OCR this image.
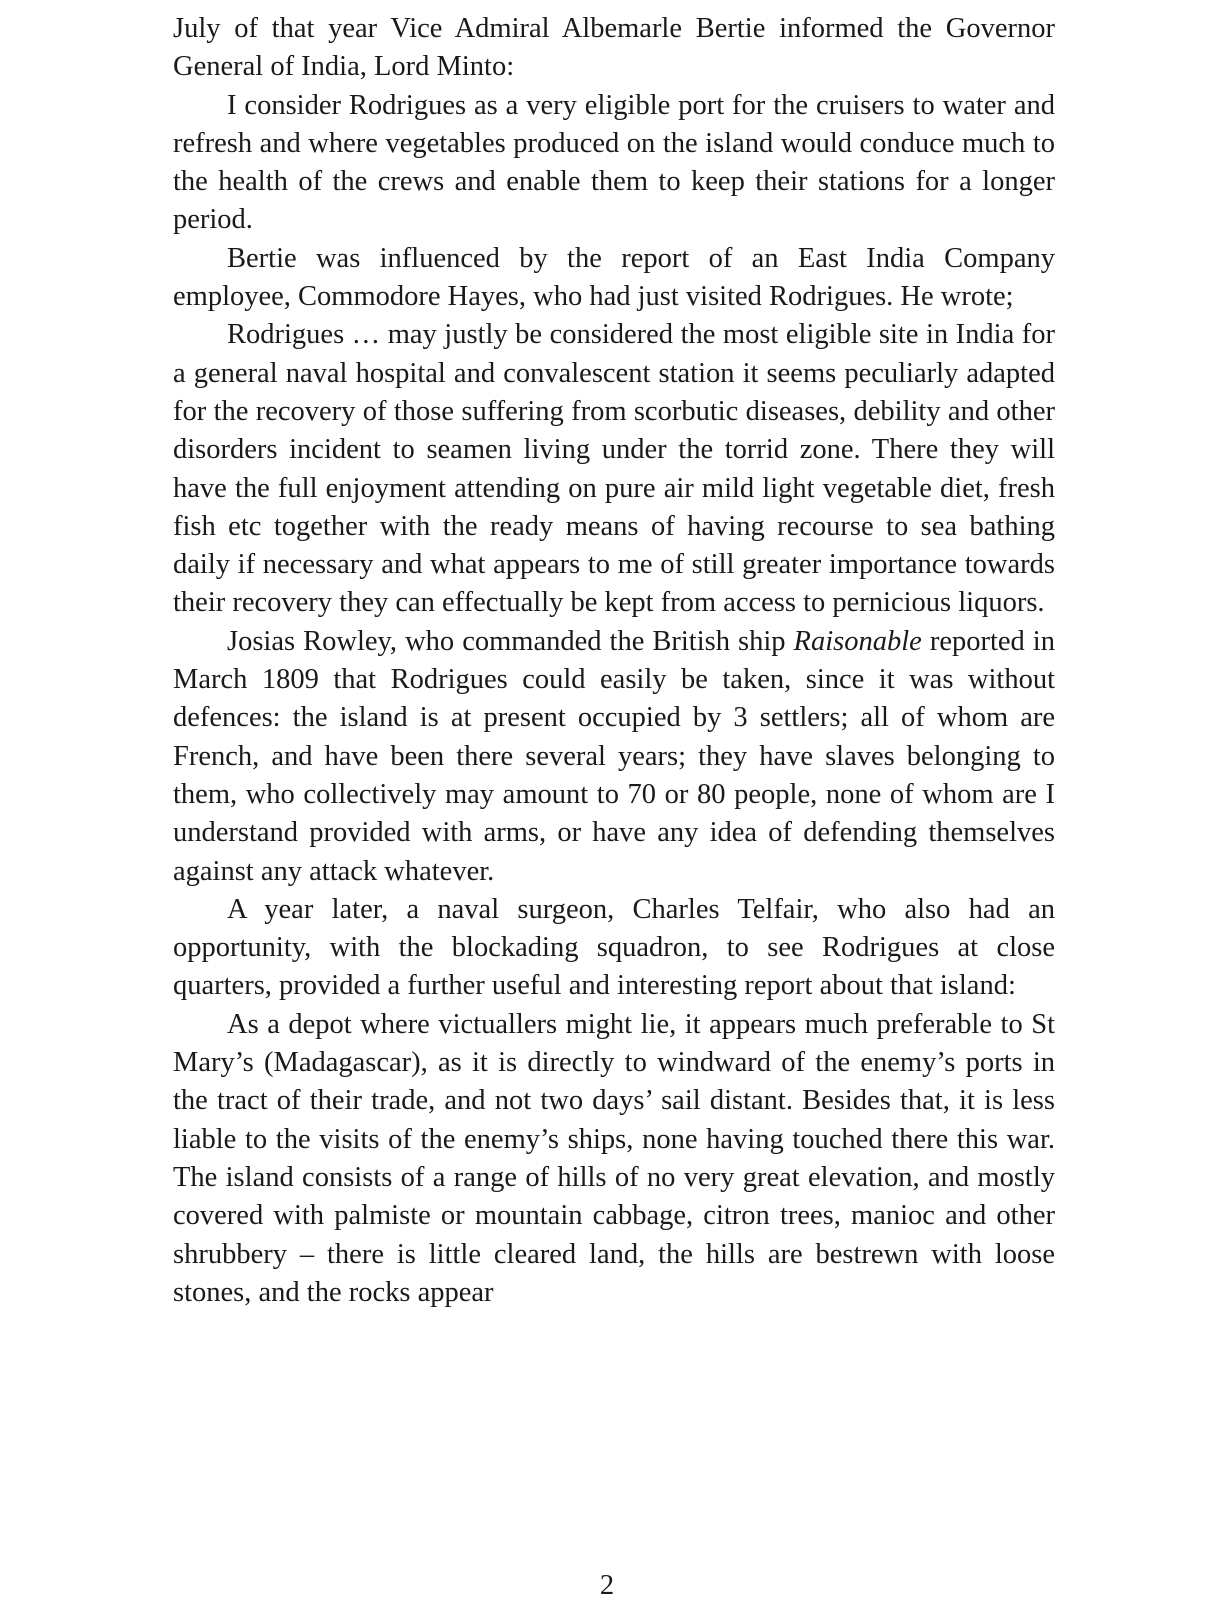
July of that year Vice Admiral Albemarle Bertie informed the Governor General of India, Lord Minto:

I consider Rodrigues as a very eligible port for the cruisers to water and refresh and where vegetables produced on the island would conduce much to the health of the crews and enable them to keep their stations for a longer period.

Bertie was influenced by the report of an East India Company employee, Commodore Hayes, who had just visited Rodrigues. He wrote;

Rodrigues … may justly be considered the most eligible site in India for a general naval hospital and convalescent station it seems peculiarly adapted for the recovery of those suffering from scorbutic diseases, debility and other disorders incident to seamen living under the torrid zone. There they will have the full enjoyment attending on pure air mild light vegetable diet, fresh fish etc together with the ready means of having recourse to sea bathing daily if necessary and what appears to me of still greater importance towards their recovery they can effectually be kept from access to pernicious liquors.

Josias Rowley, who commanded the British ship Raisonable reported in March 1809 that Rodrigues could easily be taken, since it was without defences: the island is at present occupied by 3 settlers; all of whom are French, and have been there several years; they have slaves belonging to them, who collectively may amount to 70 or 80 people, none of whom are I understand provided with arms, or have any idea of defending themselves against any attack whatever.

A year later, a naval surgeon, Charles Telfair, who also had an opportunity, with the blockading squadron, to see Rodrigues at close quarters, provided a further useful and interesting report about that island:

As a depot where victuallers might lie, it appears much preferable to St Mary’s (Madagascar), as it is directly to windward of the enemy’s ports in the tract of their trade, and not two days’ sail distant. Besides that, it is less liable to the visits of the enemy’s ships, none having touched there this war. The island consists of a range of hills of no very great elevation, and mostly covered with palmiste or mountain cabbage, citron trees, manioc and other shrubbery – there is little cleared land, the hills are bestrewn with loose stones, and the rocks appear

2
